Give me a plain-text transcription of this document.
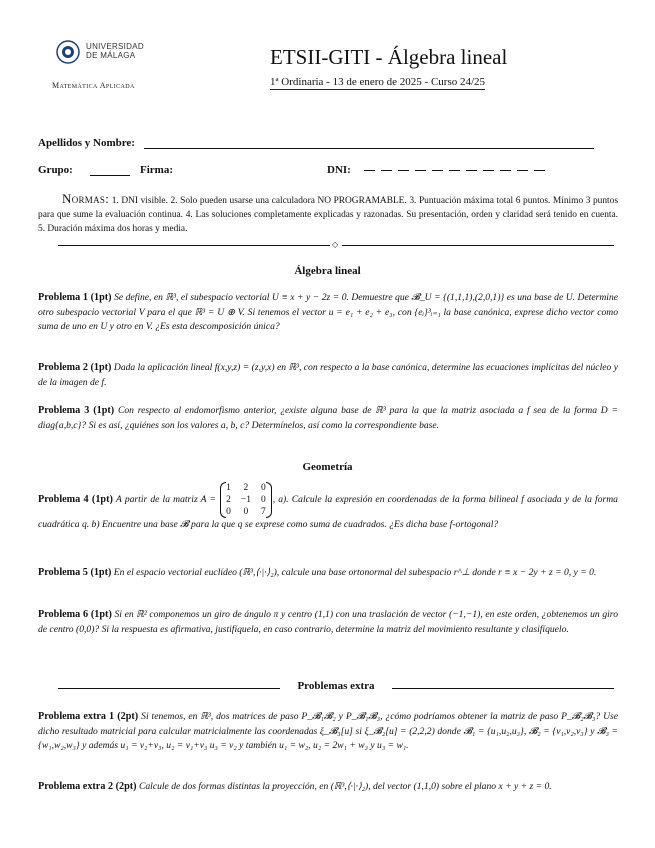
UNIVERSIDAD DE MÁLAGA
Matemática Aplicada
ETSII-GITI - Álgebra lineal
1ª Ordinaria - 13 de enero de 2025 - Curso 24/25
Apellidos y Nombre:
Grupo:	Firma:	DNI:
Normas: 1. DNI visible. 2. Solo pueden usarse una calculadora NO PROGRAMABLE. 3. Puntuación máxima total 6 puntos. Mínimo 3 puntos para que sume la evaluación continua. 4. Las soluciones completamente explicadas y razonadas. Su presentación, orden y claridad será tenido en cuenta. 5. Duración máxima dos horas y media.
◇
Álgebra lineal
Problema 1 (1pt) Se define, en ℝ³, el subespacio vectorial U ≡ x + y − 2z = 0. Demuestre que 𝓑_U = {(1,1,1),(2,0,1)} es una base de U. Determine otro subespacio vectorial V para el que ℝ³ = U ⊕ V. Si tenemos el vector u = e₁ + e₂ + e₃, con {eᵢ}³ᵢ₌₁ la base canónica, exprese dicho vector como suma de uno en U y otro en V. ¿Es esta descomposición única?
Problema 2 (1pt) Dada la aplicación lineal f(x,y,z) = (z,y,x) en ℝ³, con respecto a la base canónica, determine las ecuaciones implícitas del núcleo y de la imagen de f.
Problema 3 (1pt) Con respecto al endomorfismo anterior, ¿existe alguna base de ℝ³ para la que la matriz asociada a f sea de la forma D = diag{a,b,c}? Si es así, ¿quiénes son los valores a, b, c? Determínelos, así como la correspondiente base.
Geometría
Problema 4 (1pt) A partir de la matriz A =
1	2	0
2	−1	0
0	0	7
, a). Calcule la expresión en coordenadas de la forma bilineal f asociada y de la forma cuadrática q. b) Encuentre una base 𝓑 para la que q se exprese como suma de cuadrados. ¿Es dicha base f-ortogonal?
Problema 5 (1pt) En el espacio vectorial euclídeo (ℝ³,⟨·|·⟩₂), calcule una base ortonormal del subespacio r^⊥ donde r ≡ x − 2y + z = 0, y = 0.
Problema 6 (1pt) Si en ℝ² componemos un giro de ángulo π y centro (1,1) con una traslación de vector (−1,−1), en este orden, ¿obtenemos un giro de centro (0,0)? Si la respuesta es afirmativa, justifíquela, en caso contrario, determine la matriz del movimiento resultante y clasifíquelo.
Problemas extra
Problema extra 1 (2pt) Si tenemos, en ℝ³, dos matrices de paso P_𝓑₁𝓑₂ y P_𝓑₁𝓑₃, ¿cómo podríamos obtener la matriz de paso P_𝓑₂𝓑₃? Use dicho resultado matricial para calcular matricialmente las coordenadas ξ_𝓑₃[u] si ξ_𝓑₂[u] = (2,2,2) donde 𝓑₁ = {u₁,u₂,u₃}, 𝓑₂ = {v₁,v₂,v₃} y 𝓑₃ = {w₁,w₂,w₃} y además u₁ = v₂+v₃, u₂ = v₁+v₃ u₃ = v₂ y también u₁ = w₂, u₂ = 2w₁ + w₃ y u₃ = w₁.
Problema extra 2 (2pt) Calcule de dos formas distintas la proyección, en (ℝ³,⟨·|·⟩₂), del vector (1,1,0) sobre el plano x + y + z = 0.
